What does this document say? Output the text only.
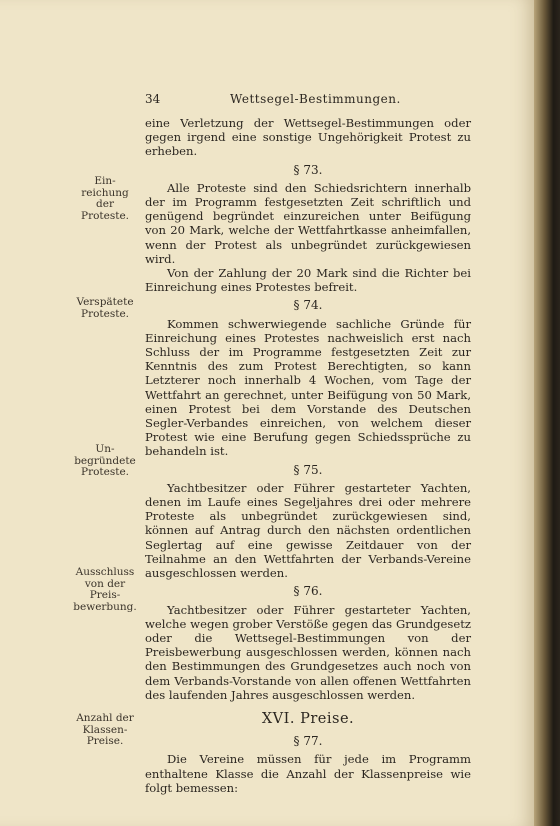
34	Wettsegel-Bestimmungen.
Ein-
reichung
der
Proteste.
Verspätete
Proteste.
Un-
begründete
Proteste.
Ausschluss
von der
Preis-
bewerbung.
Anzahl der
Klassen-
Preise.

eine Verletzung der Wettsegel-Bestimmungen oder gegen irgend eine sonstige Ungehörigkeit Protest zu erheben.

§ 73.

Alle Proteste sind den Schiedsrichtern innerhalb der im Programm festgesetzten Zeit schriftlich und genügend begründet einzureichen unter Beifügung von 20 Mark, welche der Wettfahrtkasse anheimfallen, wenn der Protest als unbegründet zurückgewiesen wird.

Von der Zahlung der 20 Mark sind die Richter bei Einreichung eines Protestes befreit.

§ 74.

Kommen schwerwiegende sachliche Gründe für Einreichung eines Protestes nachweislich erst nach Schluss der im Programme festgesetzten Zeit zur Kenntnis des zum Protest Berechtigten, so kann Letzterer noch innerhalb 4 Wochen, vom Tage der Wettfahrt an gerechnet, unter Beifügung von 50 Mark, einen Protest bei dem Vorstande des Deutschen Segler-Verbandes einreichen, von welchem dieser Protest wie eine Berufung gegen Schiedssprüche zu behandeln ist.

§ 75.

Yachtbesitzer oder Führer gestarteter Yachten, denen im Laufe eines Segeljahres drei oder mehrere Proteste als unbegründet zurückgewiesen sind, können auf Antrag durch den nächsten ordentlichen Seglertag auf eine gewisse Zeitdauer von der Teilnahme an den Wettfahrten der Verbands-Vereine ausgeschlossen werden.

§ 76.

Yachtbesitzer oder Führer gestarteter Yachten, welche wegen grober Verstöße gegen das Grundgesetz oder die Wettsegel-Bestimmungen von der Preisbewerbung ausgeschlossen werden, können nach den Bestimmungen des Grundgesetzes auch noch von dem Verbands-Vorstande von allen offenen Wettfahrten des laufenden Jahres ausgeschlossen werden.

XVI. Preise.
§ 77.

Die Vereine müssen für jede im Programm enthaltene Klasse die Anzahl der Klassenpreise wie folgt bemessen:
